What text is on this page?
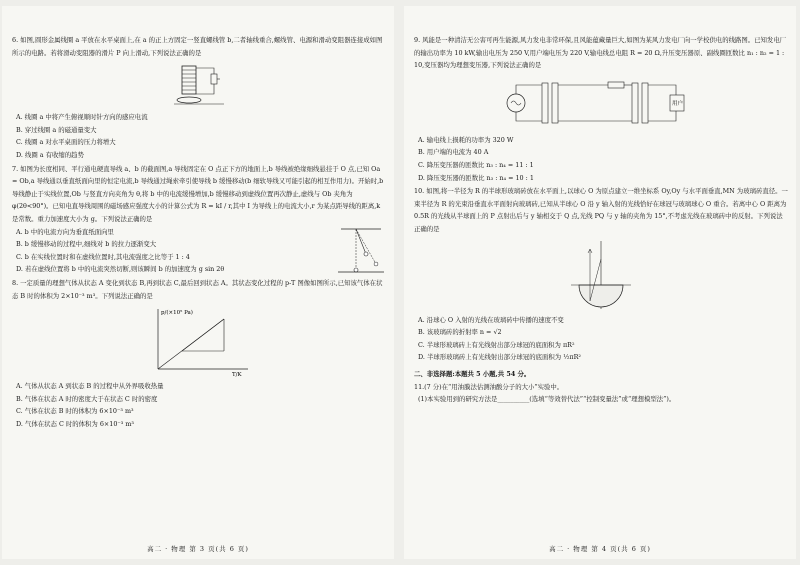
6. 如图,圆形金属线圈 a 平放在水平桌面上,在 a 的正上方固定一竖直螺线管 b,二者轴线重合,螺线管、电源和滑动变阻器连接成如图所示的电路。若将滑动变阻器的滑片 P 向上滑动,下列说法正确的是

A. 线圈 a 中将产生俯视顺时针方向的感应电流
B. 穿过线圈 a 的磁通量变大
C. 线圈 a 对水平桌面的压力将增大
D. 线圈 a 有收缩的趋势

7. 如图为长度相同、平行通电硬直导线 a、b 的截面图,a 导线固定在 O 点正下方的地面上,b 导线被绝缘细线悬挂于 O 点,已知 Oa = Ob,a 导线通以垂直纸面向里的恒定电流,b 导线通过绳索牵引使导线 b 缓慢移动(b 细软导线又可能引起的相互作用力)。开始时,b 导线静止于实线位置,Ob 与竖直方向夹角为 θ,将 b 中的电流缓慢增加,b 缓慢移动到虚线位置再次静止,虚线与 Ob 夹角为 φ(2θ<90°)。已知电直导线周围的磁场感应强度大小的计算公式为 R = kI / r,其中 I 为导线上的电流大小,r 为某点距导线的距离,k 是常数。重力加速度大小为 g。下列说法正确的是

A. b 中的电流方向为垂直纸面向里
B. b 缓慢移动的过程中,细线对 b 的拉力逐渐变大
C. b 在实线位置时和在虚线位置时,其电流强度之比等于 1 : 4
D. 若在虚线位置将 b 中的电流突然切断,则该瞬间 b 的加速度为 g sin 2θ

8. 一定质量的理想气体从状态 A 变化到状态 B,再到状态 C,最后回到状态 A。其状态变化过程的 p-T 图像如图所示,已知该气体在状态 B 时的体积为 2×10⁻³ m³。下列说法正确的是

p/(×10⁵ Pa)
T/K
A. 气体从状态 A 到状态 B 的过程中从外界吸收热量
B. 气体在状态 A 时的密度大于在状态 C 时的密度
C. 气体在状态 B 时的体积为 6×10⁻³ m³
D. 气体在状态 C 时的体积为 6×10⁻³ m³
高二 · 物理 第 3 页(共 6 页)

9. 风能是一种清洁无公害可再生能源,风力发电非常环保,且风能蕴藏量巨大,如图为某风力发电厂向一学校供电的线路图。已知发电厂的输出功率为 10 kW,输出电压为 250 V,用户端电压为 220 V,输电线总电阻 R = 20 Ω,升压变压器原、副线圈匝数比 n₁ : n₂ = 1 : 10,变压器均为理想变压器,下列说法正确的是

用户
A. 输电线上损耗的功率为 320 W
B. 用户端的电流为 40 A
C. 降压变压器的匝数比 n₃ : n₄ = 11 : 1
D. 降压变压器的匝数比 n₃ : n₄ = 10 : 1

10. 如图,将一半径为 R 的半球形玻璃砖放在水平面上,以球心 O 为原点建立一维坐标系 Oy,Oy 与水平面垂直,MN 为玻璃砖直径。一束半径为 R 的光束沿垂直水平面射向玻璃砖,已知从半球心 O 沿 y 轴入射的光线恰好在球冠与玻璃球心 O 重合。若离中心 O 距离为 0.5R 的光线从半球面上的 P 点射出后与 y 轴相交于 Q 点,光线 PQ 与 y 轴的夹角为 15°,不考虑光线在玻璃砖中的反射。下列说法正确的是

A. 沿球心 O 入射的光线在玻璃砖中传播的速度不变
B. 该玻璃砖的折射率 n = √2
C. 半球形玻璃砖上有光线射出部分球冠的底面积为 πR²
D. 半球形玻璃砖上有光线射出部分球冠的底面积为 ½πR²
二、非选择题:本题共 5 小题,共 54 分。
11.(7 分)在“用油膜法估测油酸分子的大小”实验中。
(1)本实验用到的研究方法是__________(选填“等效替代法”“控制变量法”或“理想模型法”)。
高二 · 物理 第 4 页(共 6 页)
